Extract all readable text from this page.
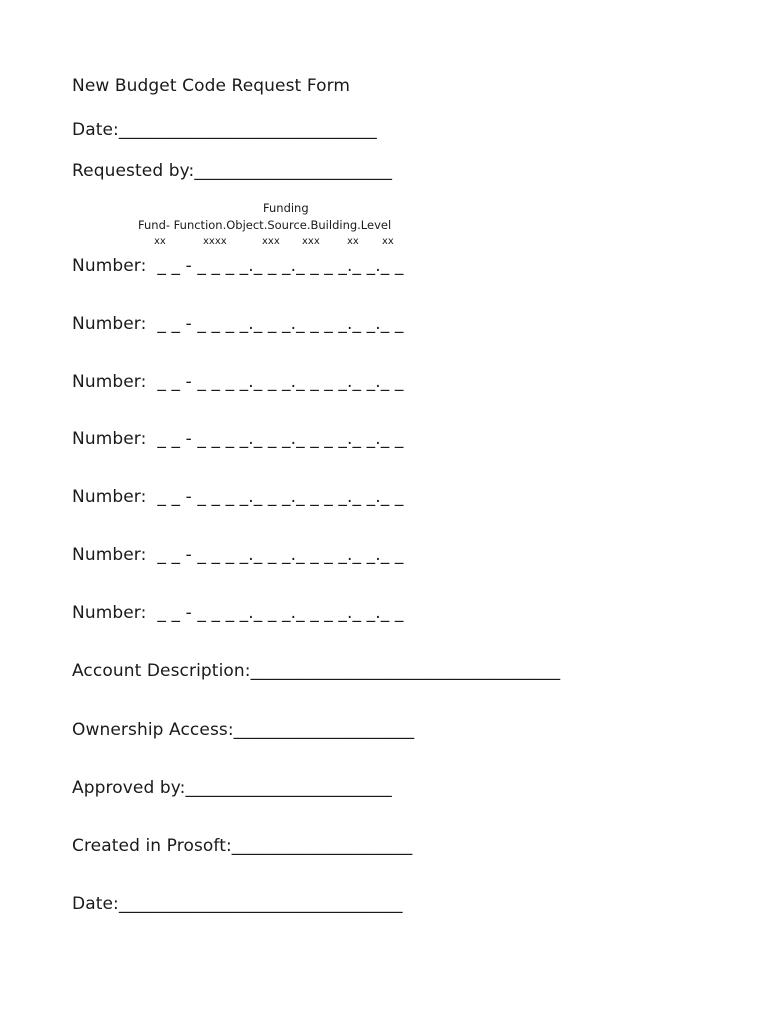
New Budget Code Request Form
Date:______________________________
Requested by:_______________________
Funding
Fund- Function.Object.Source.Building.Level
xx	xxxx	xxx xxx	xx xx
Number:  _ _ - _ _ _ _._ _ _._ _ _ _._ _._ _
Number:  _ _ - _ _ _ _._ _ _._ _ _ _._ _._ _
Number:  _ _ - _ _ _ _._ _ _._ _ _ _._ _._ _
Number:  _ _ - _ _ _ _._ _ _._ _ _ _._ _._ _
Number:  _ _ - _ _ _ _._ _ _._ _ _ _._ _._ _
Number:  _ _ - _ _ _ _._ _ _._ _ _ _._ _._ _
Number:  _ _ - _ _ _ _._ _ _._ _ _ _._ _._ _
Account Description:____________________________________
Ownership Access:_____________________
Approved by:________________________
Created in Prosoft:_____________________
Date:_________________________________
